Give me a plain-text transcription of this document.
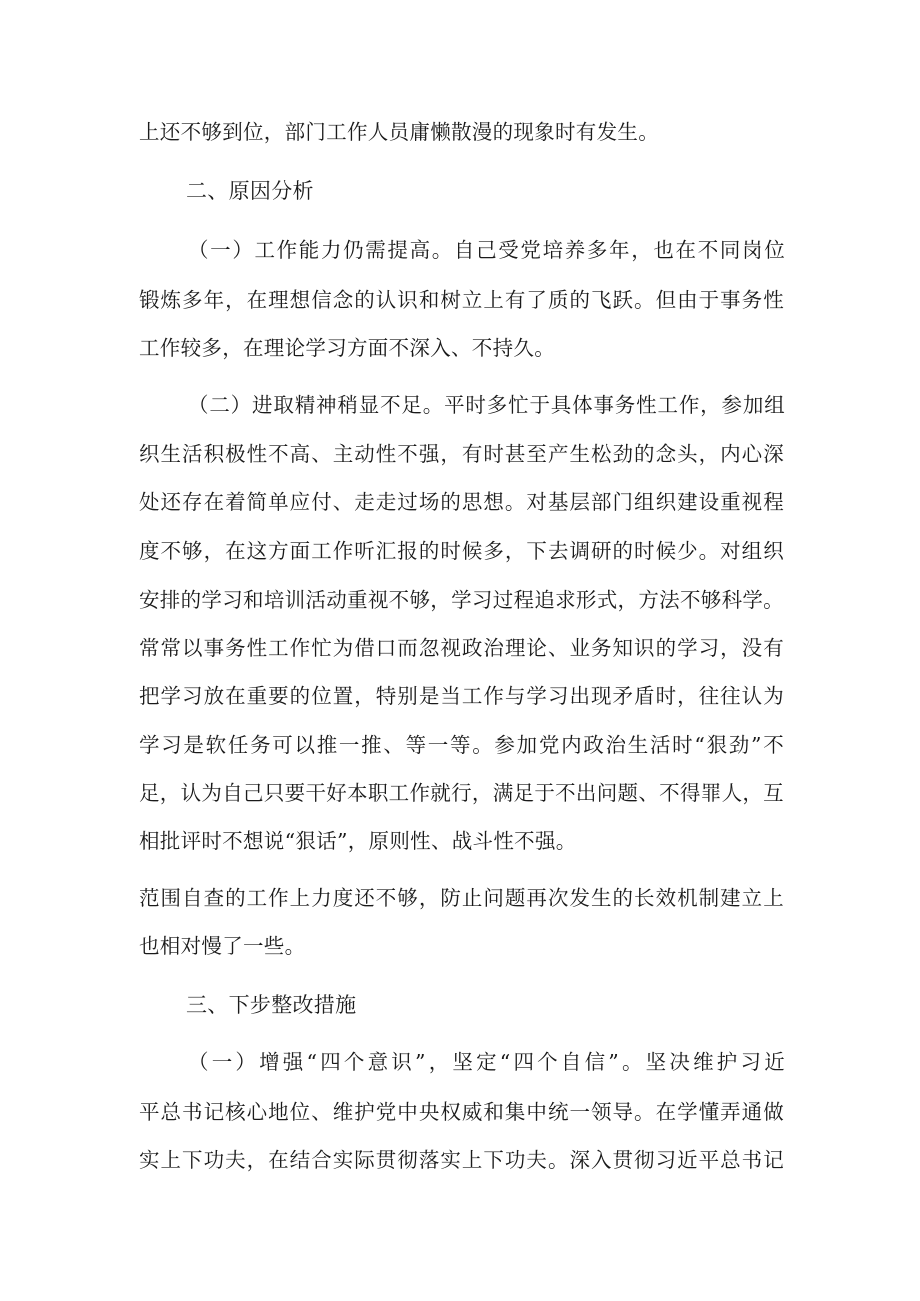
上还不够到位，部门工作人员庸懒散漫的现象时有发生。
二、原因分析
（一）工作能力仍需提高。自己受党培养多年，也在不同岗位
锻炼多年，在理想信念的认识和树立上有了质的飞跃。但由于事务性
工作较多，在理论学习方面不深入、不持久。
（二）进取精神稍显不足。平时多忙于具体事务性工作，参加组
织生活积极性不高、主动性不强，有时甚至产生松劲的念头，内心深
处还存在着简单应付、走走过场的思想。对基层部门组织建设重视程
度不够，在这方面工作听汇报的时候多，下去调研的时候少。对组织
安排的学习和培训活动重视不够，学习过程追求形式，方法不够科学。
常常以事务性工作忙为借口而忽视政治理论、业务知识的学习，没有
把学习放在重要的位置，特别是当工作与学习出现矛盾时，往往认为
学习是软任务可以推一推、等一等。参加党内政治生活时“狠劲”不
足，认为自己只要干好本职工作就行，满足于不出问题、不得罪人，互
相批评时不想说“狠话”，原则性、战斗性不强。
范围自查的工作上力度还不够，防止问题再次发生的长效机制建立上
也相对慢了一些。
三、下步整改措施
（一）增强“四个意识”，坚定“四个自信”。坚决维护习近
平总书记核心地位、维护党中央权威和集中统一领导。在学懂弄通做
实上下功夫，在结合实际贯彻落实上下功夫。深入贯彻习近平总书记
